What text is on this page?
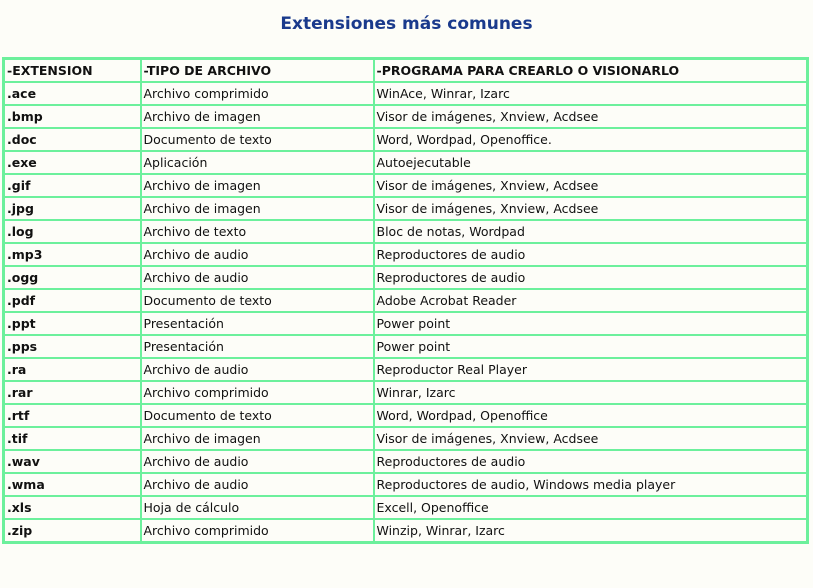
Extensiones más comunes
-EXTENSION	-TIPO DE ARCHIVO	-PROGRAMA PARA CREARLO O VISIONARLO
.ace	Archivo comprimido	WinAce, Winrar, Izarc
.bmp	Archivo de imagen	Visor de imágenes, Xnview, Acdsee
.doc	Documento de texto	Word, Wordpad, Openoffice.
.exe	Aplicación	Autoejecutable
.gif	Archivo de imagen	Visor de imágenes, Xnview, Acdsee
.jpg	Archivo de imagen	Visor de imágenes, Xnview, Acdsee
.log	Archivo de texto	Bloc de notas, Wordpad
.mp3	Archivo de audio	Reproductores de audio
.ogg	Archivo de audio	Reproductores de audio
.pdf	Documento de texto	Adobe Acrobat Reader
.ppt	Presentación	Power point
.pps	Presentación	Power point
.ra	Archivo de audio	Reproductor Real Player
.rar	Archivo comprimido	Winrar, Izarc
.rtf	Documento de texto	Word, Wordpad, Openoffice
.tif	Archivo de imagen	Visor de imágenes, Xnview, Acdsee
.wav	Archivo de audio	Reproductores de audio
.wma	Archivo de audio	Reproductores de audio, Windows media player
.xls	Hoja de cálculo	Excell, Openoffice
.zip	Archivo comprimido	Winzip, Winrar, Izarc
